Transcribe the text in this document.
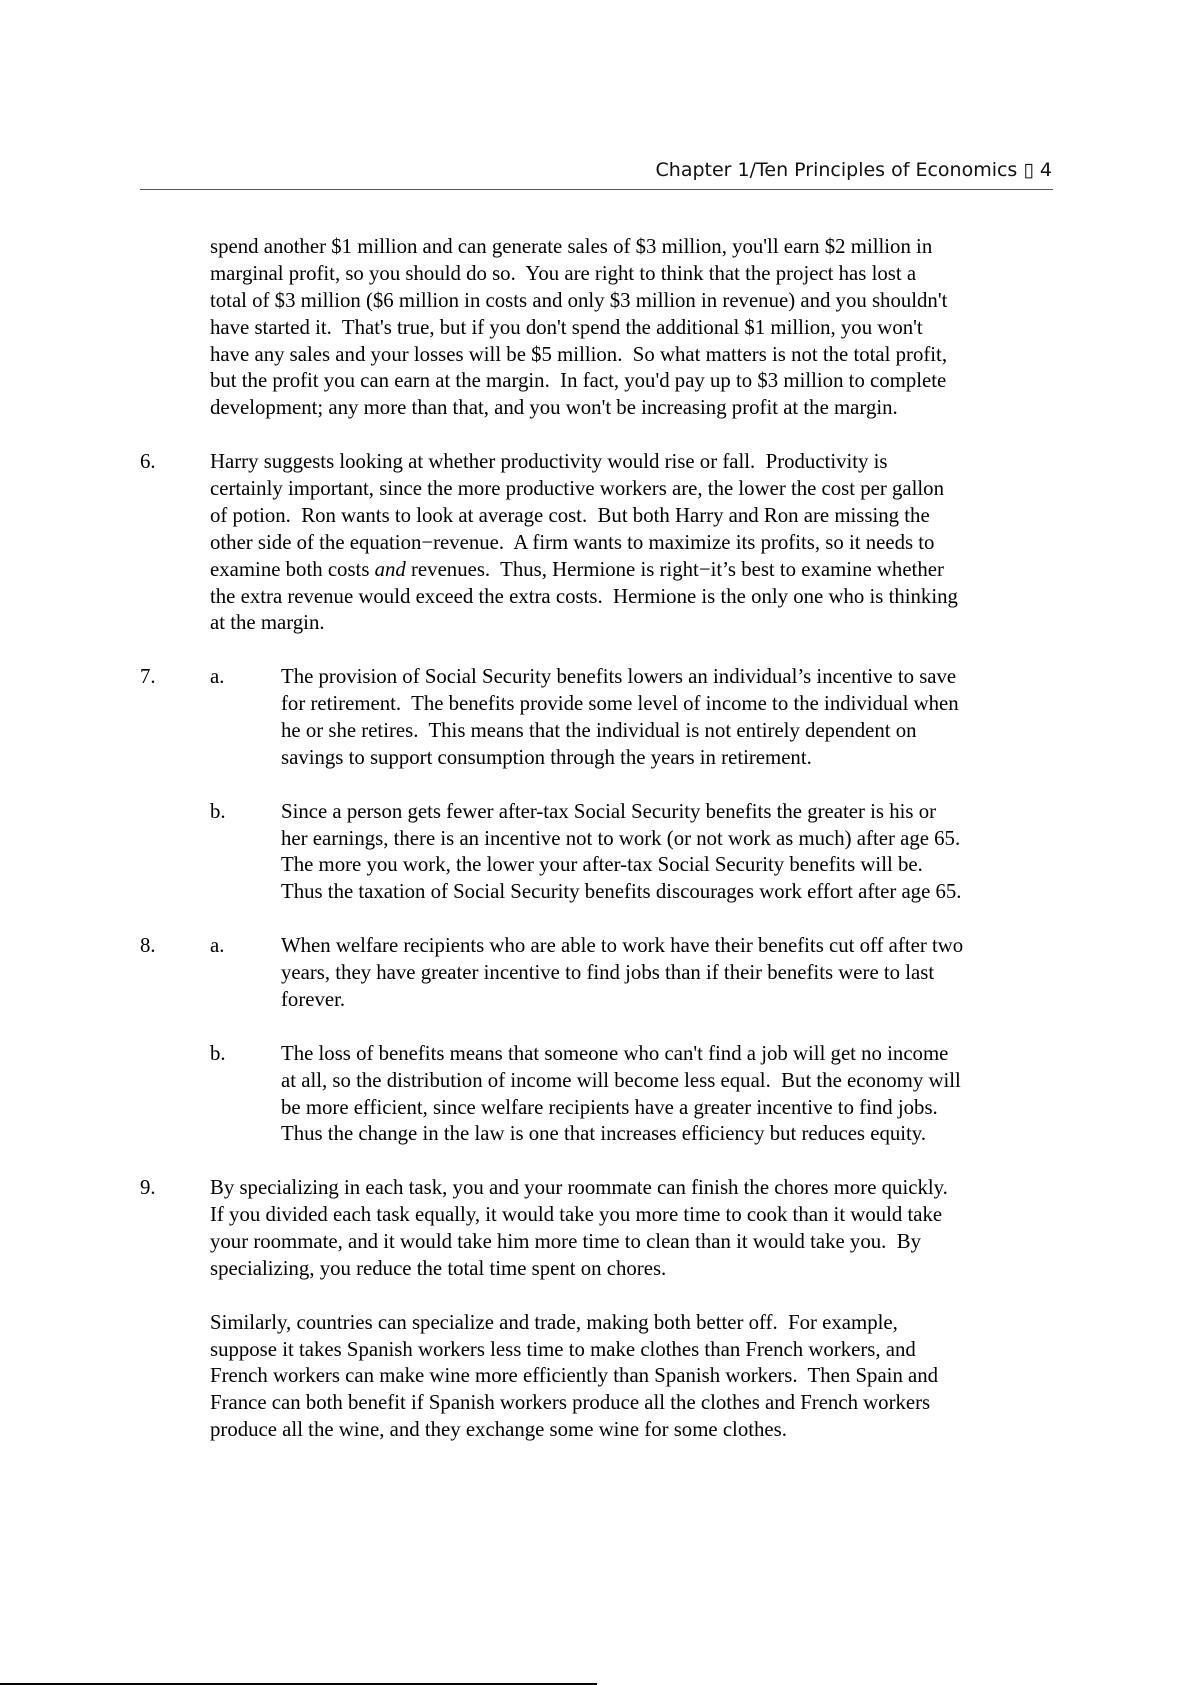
Chapter 1/Ten Principles of Economics ▯ 4
spend another $1 million and can generate sales of $3 million, you'll earn $2 million in
marginal profit, so you should do so.  You are right to think that the project has lost a
total of $3 million ($6 million in costs and only $3 million in revenue) and you shouldn't
have started it.  That's true, but if you don't spend the additional $1 million, you won't
have any sales and your losses will be $5 million.  So what matters is not the total profit,
but the profit you can earn at the margin.  In fact, you'd pay up to $3 million to complete
development; any more than that, and you won't be increasing profit at the margin.
6.	Harry suggests looking at whether productivity would rise or fall.  Productivity is
certainly important, since the more productive workers are, the lower the cost per gallon
of potion.  Ron wants to look at average cost.  But both Harry and Ron are missing the
other side of the equation−revenue.  A firm wants to maximize its profits, so it needs to
examine both costs and revenues.  Thus, Hermione is right−it’s best to examine whether
the extra revenue would exceed the extra costs.  Hermione is the only one who is thinking
at the margin.
7.	a.	The provision of Social Security benefits lowers an individual’s incentive to save
for retirement.  The benefits provide some level of income to the individual when
he or she retires.  This means that the individual is not entirely dependent on
savings to support consumption through the years in retirement.
b.	Since a person gets fewer after-tax Social Security benefits the greater is his or
her earnings, there is an incentive not to work (or not work as much) after age 65.
The more you work, the lower your after-tax Social Security benefits will be.
Thus the taxation of Social Security benefits discourages work effort after age 65.
8.	a.	When welfare recipients who are able to work have their benefits cut off after two
years, they have greater incentive to find jobs than if their benefits were to last
forever.
b.	The loss of benefits means that someone who can't find a job will get no income
at all, so the distribution of income will become less equal.  But the economy will
be more efficient, since welfare recipients have a greater incentive to find jobs.
Thus the change in the law is one that increases efficiency but reduces equity.
9.	By specializing in each task, you and your roommate can finish the chores more quickly.
If you divided each task equally, it would take you more time to cook than it would take
your roommate, and it would take him more time to clean than it would take you.  By
specializing, you reduce the total time spent on chores.
Similarly, countries can specialize and trade, making both better off.  For example,
suppose it takes Spanish workers less time to make clothes than French workers, and
French workers can make wine more efficiently than Spanish workers.  Then Spain and
France can both benefit if Spanish workers produce all the clothes and French workers
produce all the wine, and they exchange some wine for some clothes.
